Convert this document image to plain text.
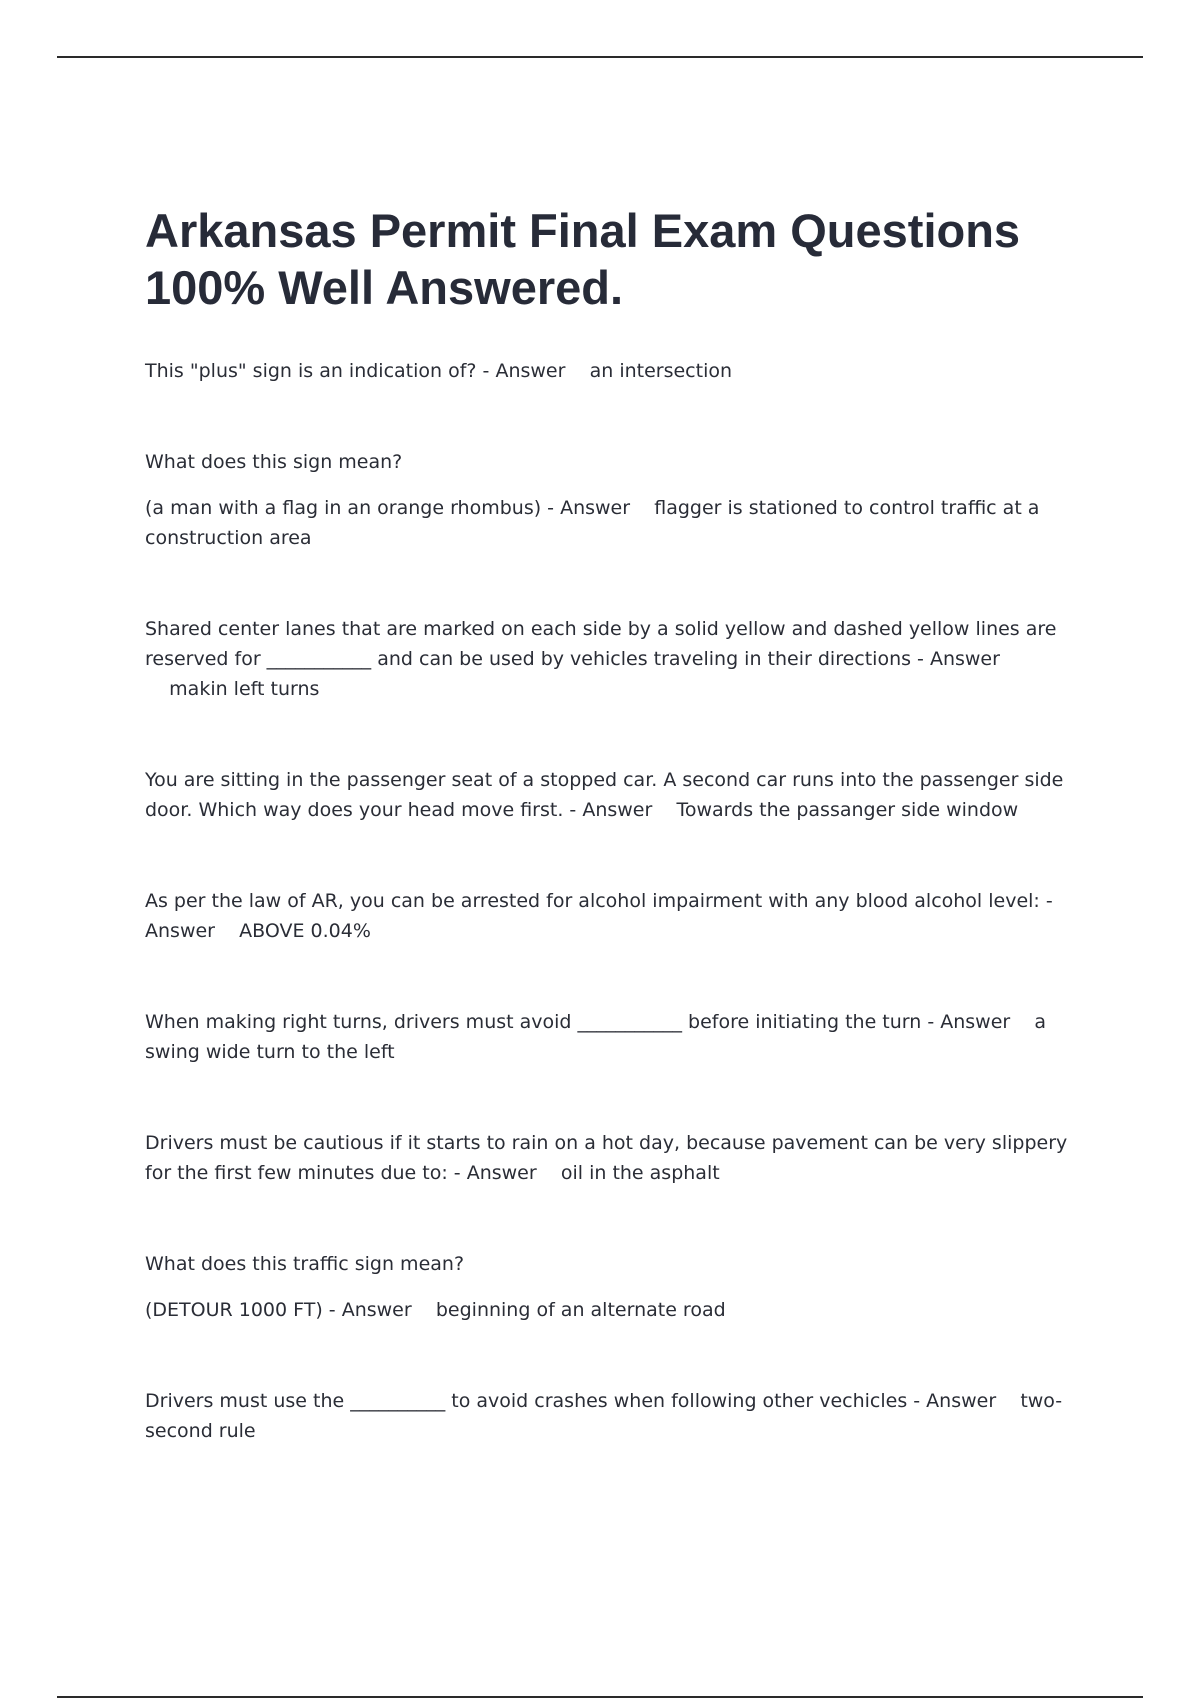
Arkansas Permit Final Exam Questions 100% Well Answered.

This "plus" sign is an indication of? - Answer an intersection

What does this sign mean?

(a man with a flag in an orange rhombus) - Answer flagger is stationed to control traffic at a construction area

Shared center lanes that are marked on each side by a solid yellow and dashed yellow lines are reserved for ___________ and can be used by vehicles traveling in their directions - Answer    makin left turns

You are sitting in the passenger seat of a stopped car. A second car runs into the passenger side door. Which way does your head move first. - Answer Towards the passanger side window

As per the law of AR, you can be arrested for alcohol impairment with any blood alcohol level: - Answer ABOVE 0.04%

When making right turns, drivers must avoid ___________ before initiating the turn - Answer a swing wide turn to the left

Drivers must be cautious if it starts to rain on a hot day, because pavement can be very slippery for the first few minutes due to: - Answer oil in the asphalt

What does this traffic sign mean?

(DETOUR 1000 FT) - Answer beginning of an alternate road

Drivers must use the __________ to avoid crashes when following other vechicles - Answer two-second rule
